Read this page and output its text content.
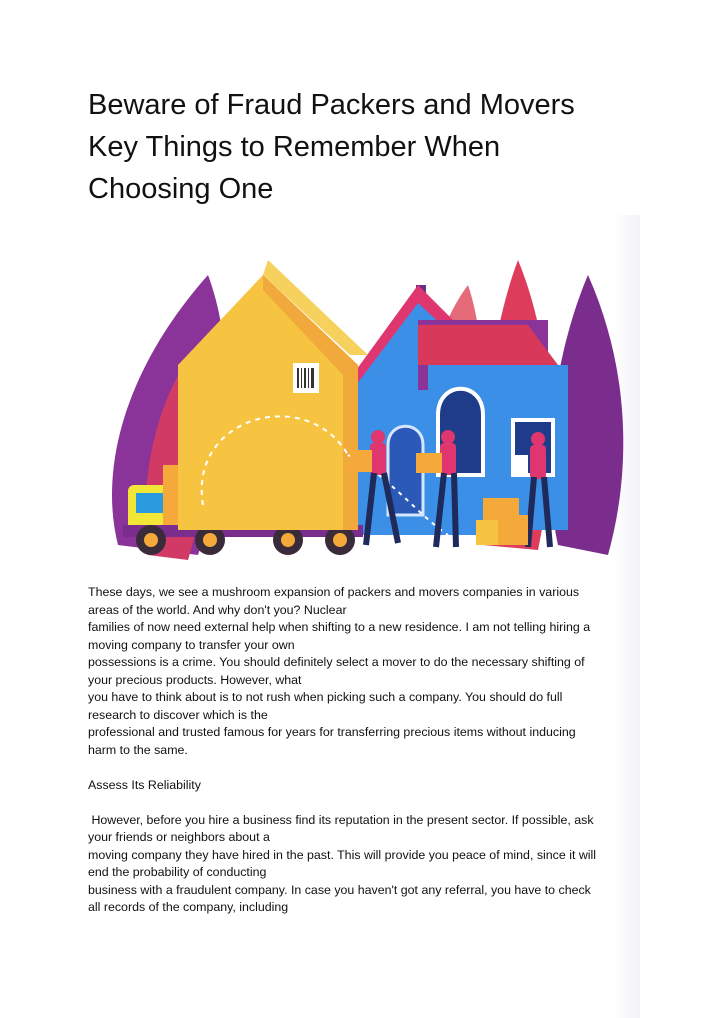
Beware of Fraud Packers and Movers
Key Things to Remember When
Choosing One
These days, we see a mushroom expansion of packers and movers companies in various
areas of the world. And why don't you? Nuclear
families of now need external help when shifting to a new residence. I am not telling hiring a
moving company to transfer your own
possessions is a crime. You should definitely select a mover to do the necessary shifting of
your precious products. However, what
you have to think about is to not rush when picking such a company. You should do full
research to discover which is the
professional and trusted famous for years for transferring precious items without inducing
harm to the same.
Assess Its Reliability
However, before you hire a business find its reputation in the present sector. If possible, ask
your friends or neighbors about a
moving company they have hired in the past. This will provide you peace of mind, since it will
end the probability of conducting
business with a fraudulent company. In case you haven't got any referral, you have to check
all records of the company, including
